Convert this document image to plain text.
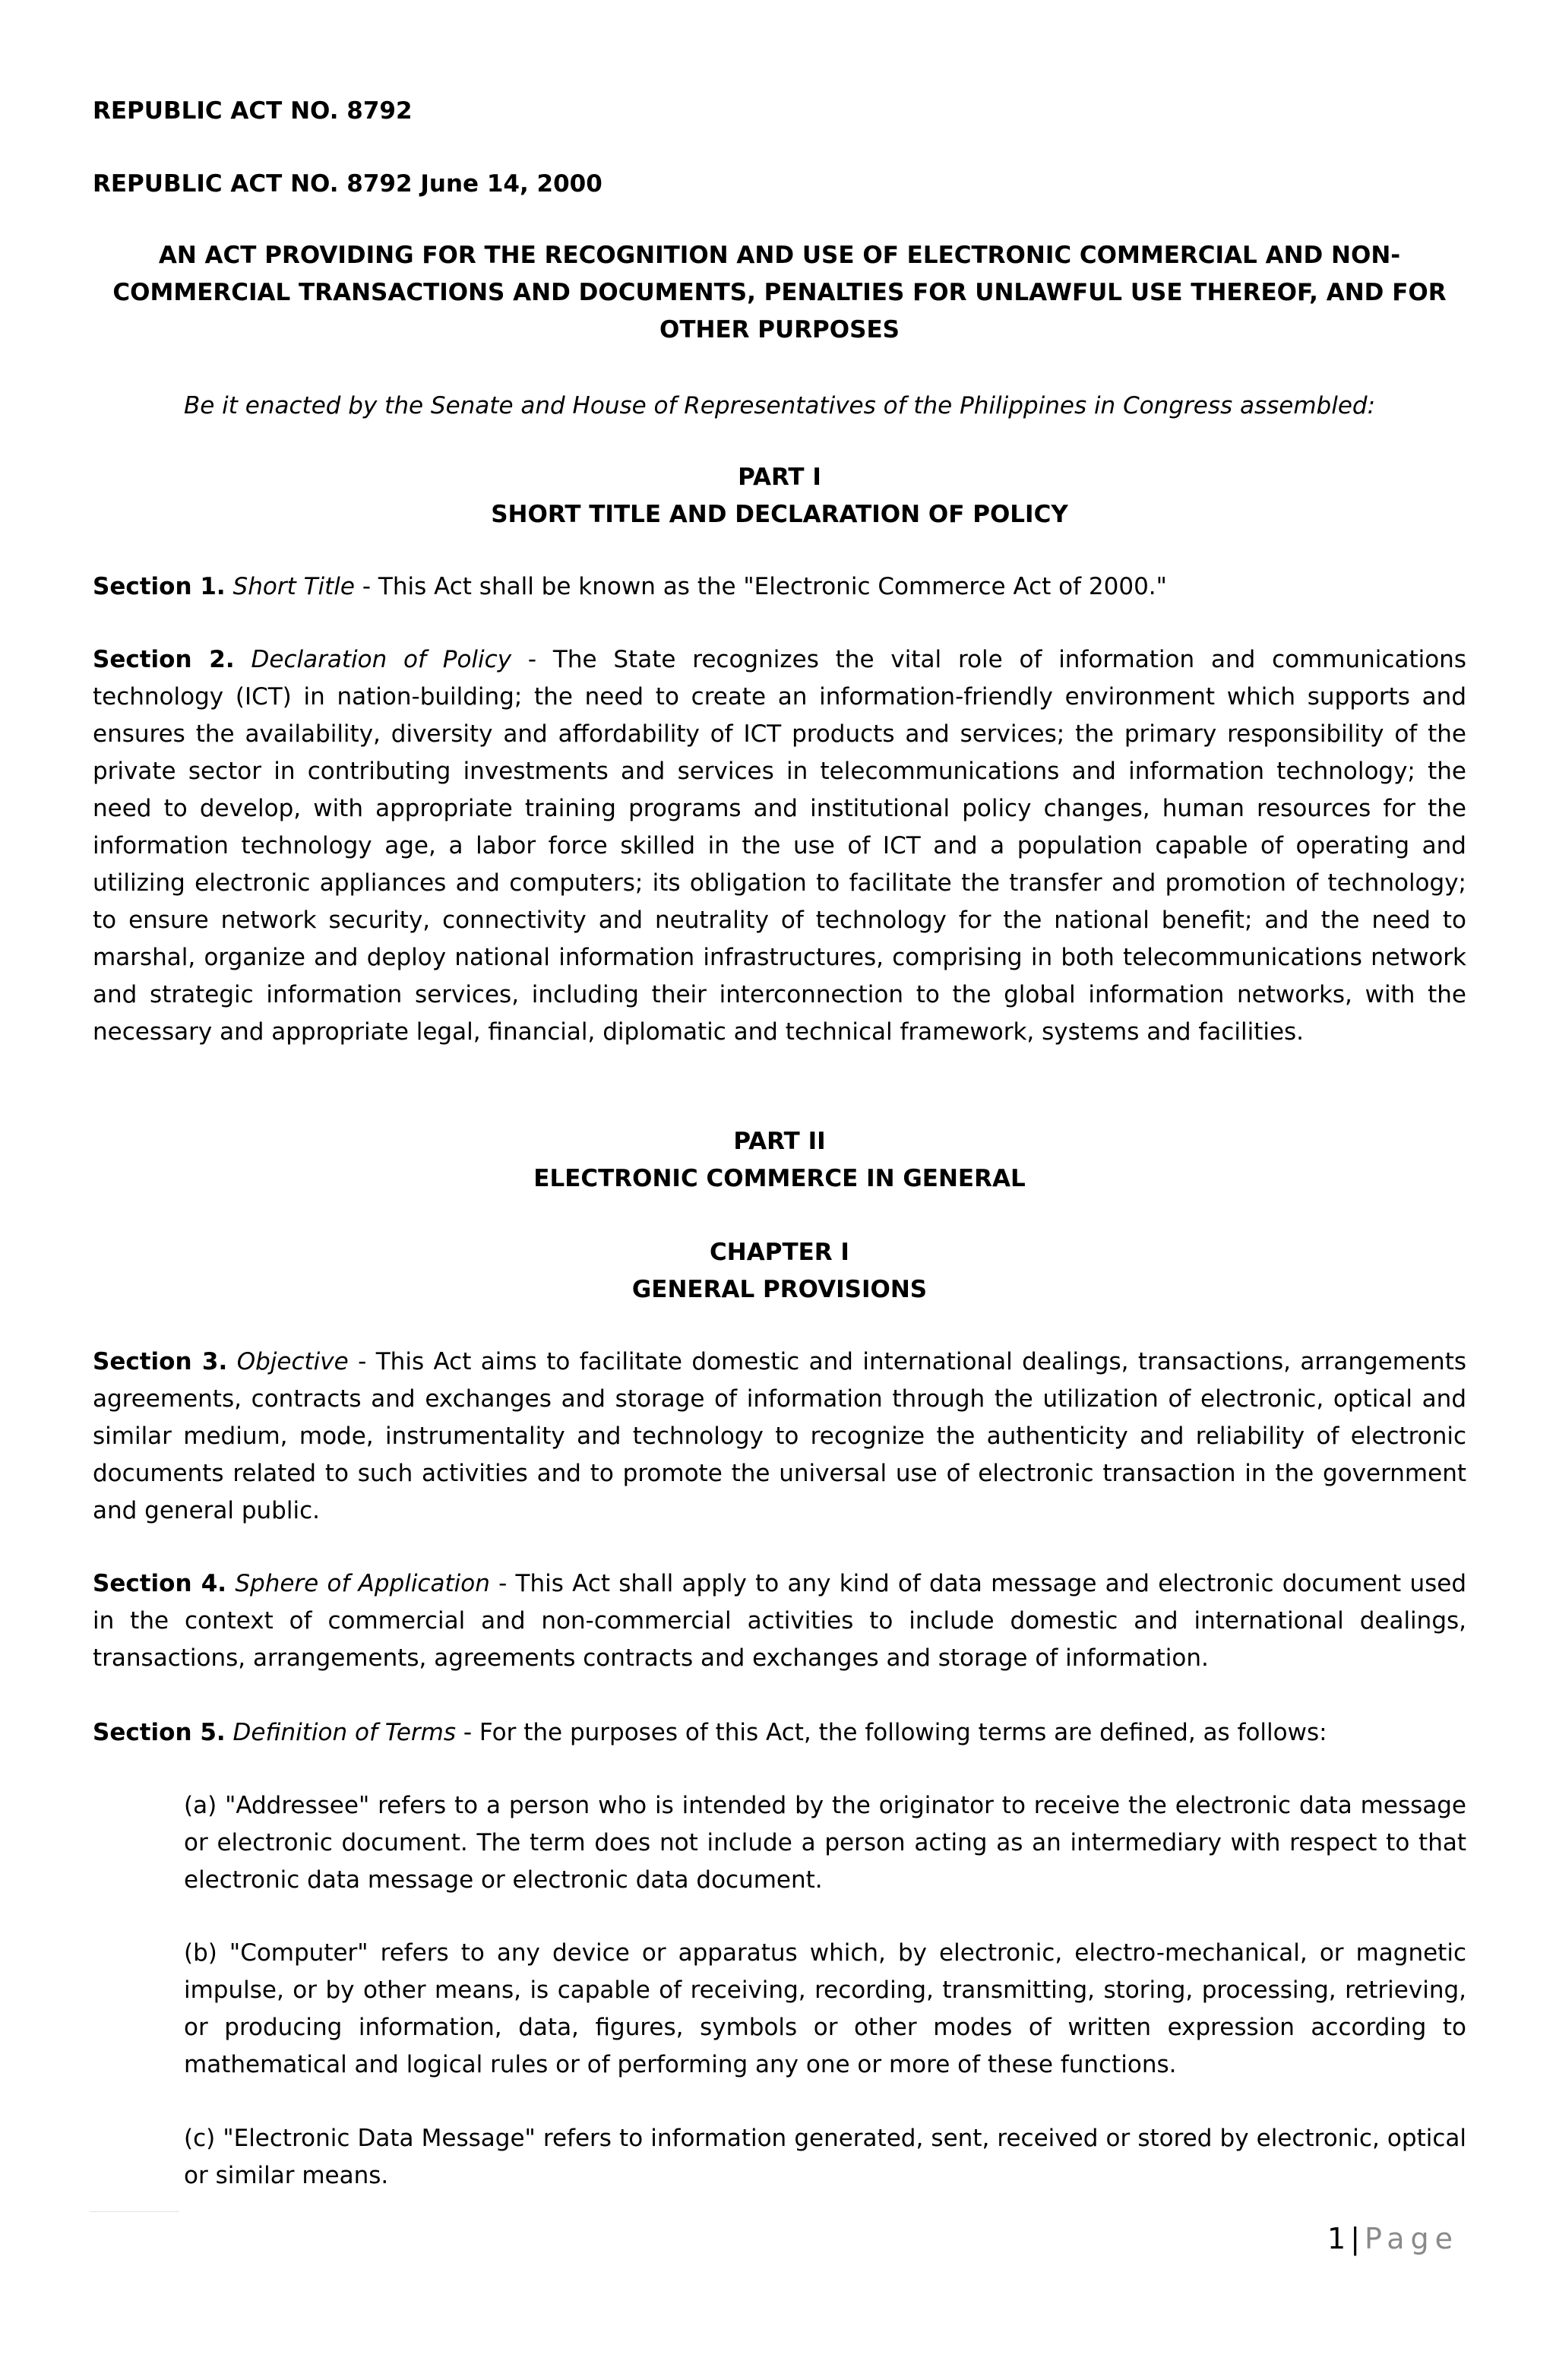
REPUBLIC ACT NO. 8792

REPUBLIC ACT NO. 8792 June 14, 2000

AN ACT PROVIDING FOR THE RECOGNITION AND USE OF ELECTRONIC COMMERCIAL AND NON-COMMERCIAL TRANSACTIONS AND DOCUMENTS, PENALTIES FOR UNLAWFUL USE THEREOF, AND FOR OTHER PURPOSES

Be it enacted by the Senate and House of Representatives of the Philippines in Congress assembled:

PART I
SHORT TITLE AND DECLARATION OF POLICY

Section 1. Short Title - This Act shall be known as the "Electronic Commerce Act of 2000."

Section 2. Declaration of Policy - The State recognizes the vital role of information and communications technology (ICT) in nation-building; the need to create an information-friendly environment which supports and ensures the availability, diversity and affordability of ICT products and services; the primary responsibility of the private sector in contributing investments and services in telecommunications and information technology; the need to develop, with appropriate training programs and institutional policy changes, human resources for the information technology age, a labor force skilled in the use of ICT and a population capable of operating and utilizing electronic appliances and computers; its obligation to facilitate the transfer and promotion of technology; to ensure network security, connectivity and neutrality of technology for the national benefit; and the need to marshal, organize and deploy national information infrastructures, comprising in both telecommunications network and strategic information services, including their interconnection to the global information networks, with the necessary and appropriate legal, financial, diplomatic and technical framework, systems and facilities.

PART II
ELECTRONIC COMMERCE IN GENERAL
CHAPTER I
GENERAL PROVISIONS

Section 3. Objective - This Act aims to facilitate domestic and international dealings, transactions, arrangements agreements, contracts and exchanges and storage of information through the utilization of electronic, optical and similar medium, mode, instrumentality and technology to recognize the authenticity and reliability of electronic documents related to such activities and to promote the universal use of electronic transaction in the government and general public.

Section 4. Sphere of Application - This Act shall apply to any kind of data message and electronic document used in the context of commercial and non-commercial activities to include domestic and international dealings, transactions, arrangements, agreements contracts and exchanges and storage of information.

Section 5. Definition of Terms - For the purposes of this Act, the following terms are defined, as follows:

(a) "Addressee" refers to a person who is intended by the originator to receive the electronic data message or electronic document. The term does not include a person acting as an intermediary with respect to that electronic data message or electronic data document.

(b) "Computer" refers to any device or apparatus which, by electronic, electro-mechanical, or magnetic impulse, or by other means, is capable of receiving, recording, transmitting, storing, processing, retrieving, or producing information, data, figures, symbols or other modes of written expression according to mathematical and logical rules or of performing any one or more of these functions.

(c) "Electronic Data Message" refers to information generated, sent, received or stored by electronic, optical or similar means.

1 | Page
